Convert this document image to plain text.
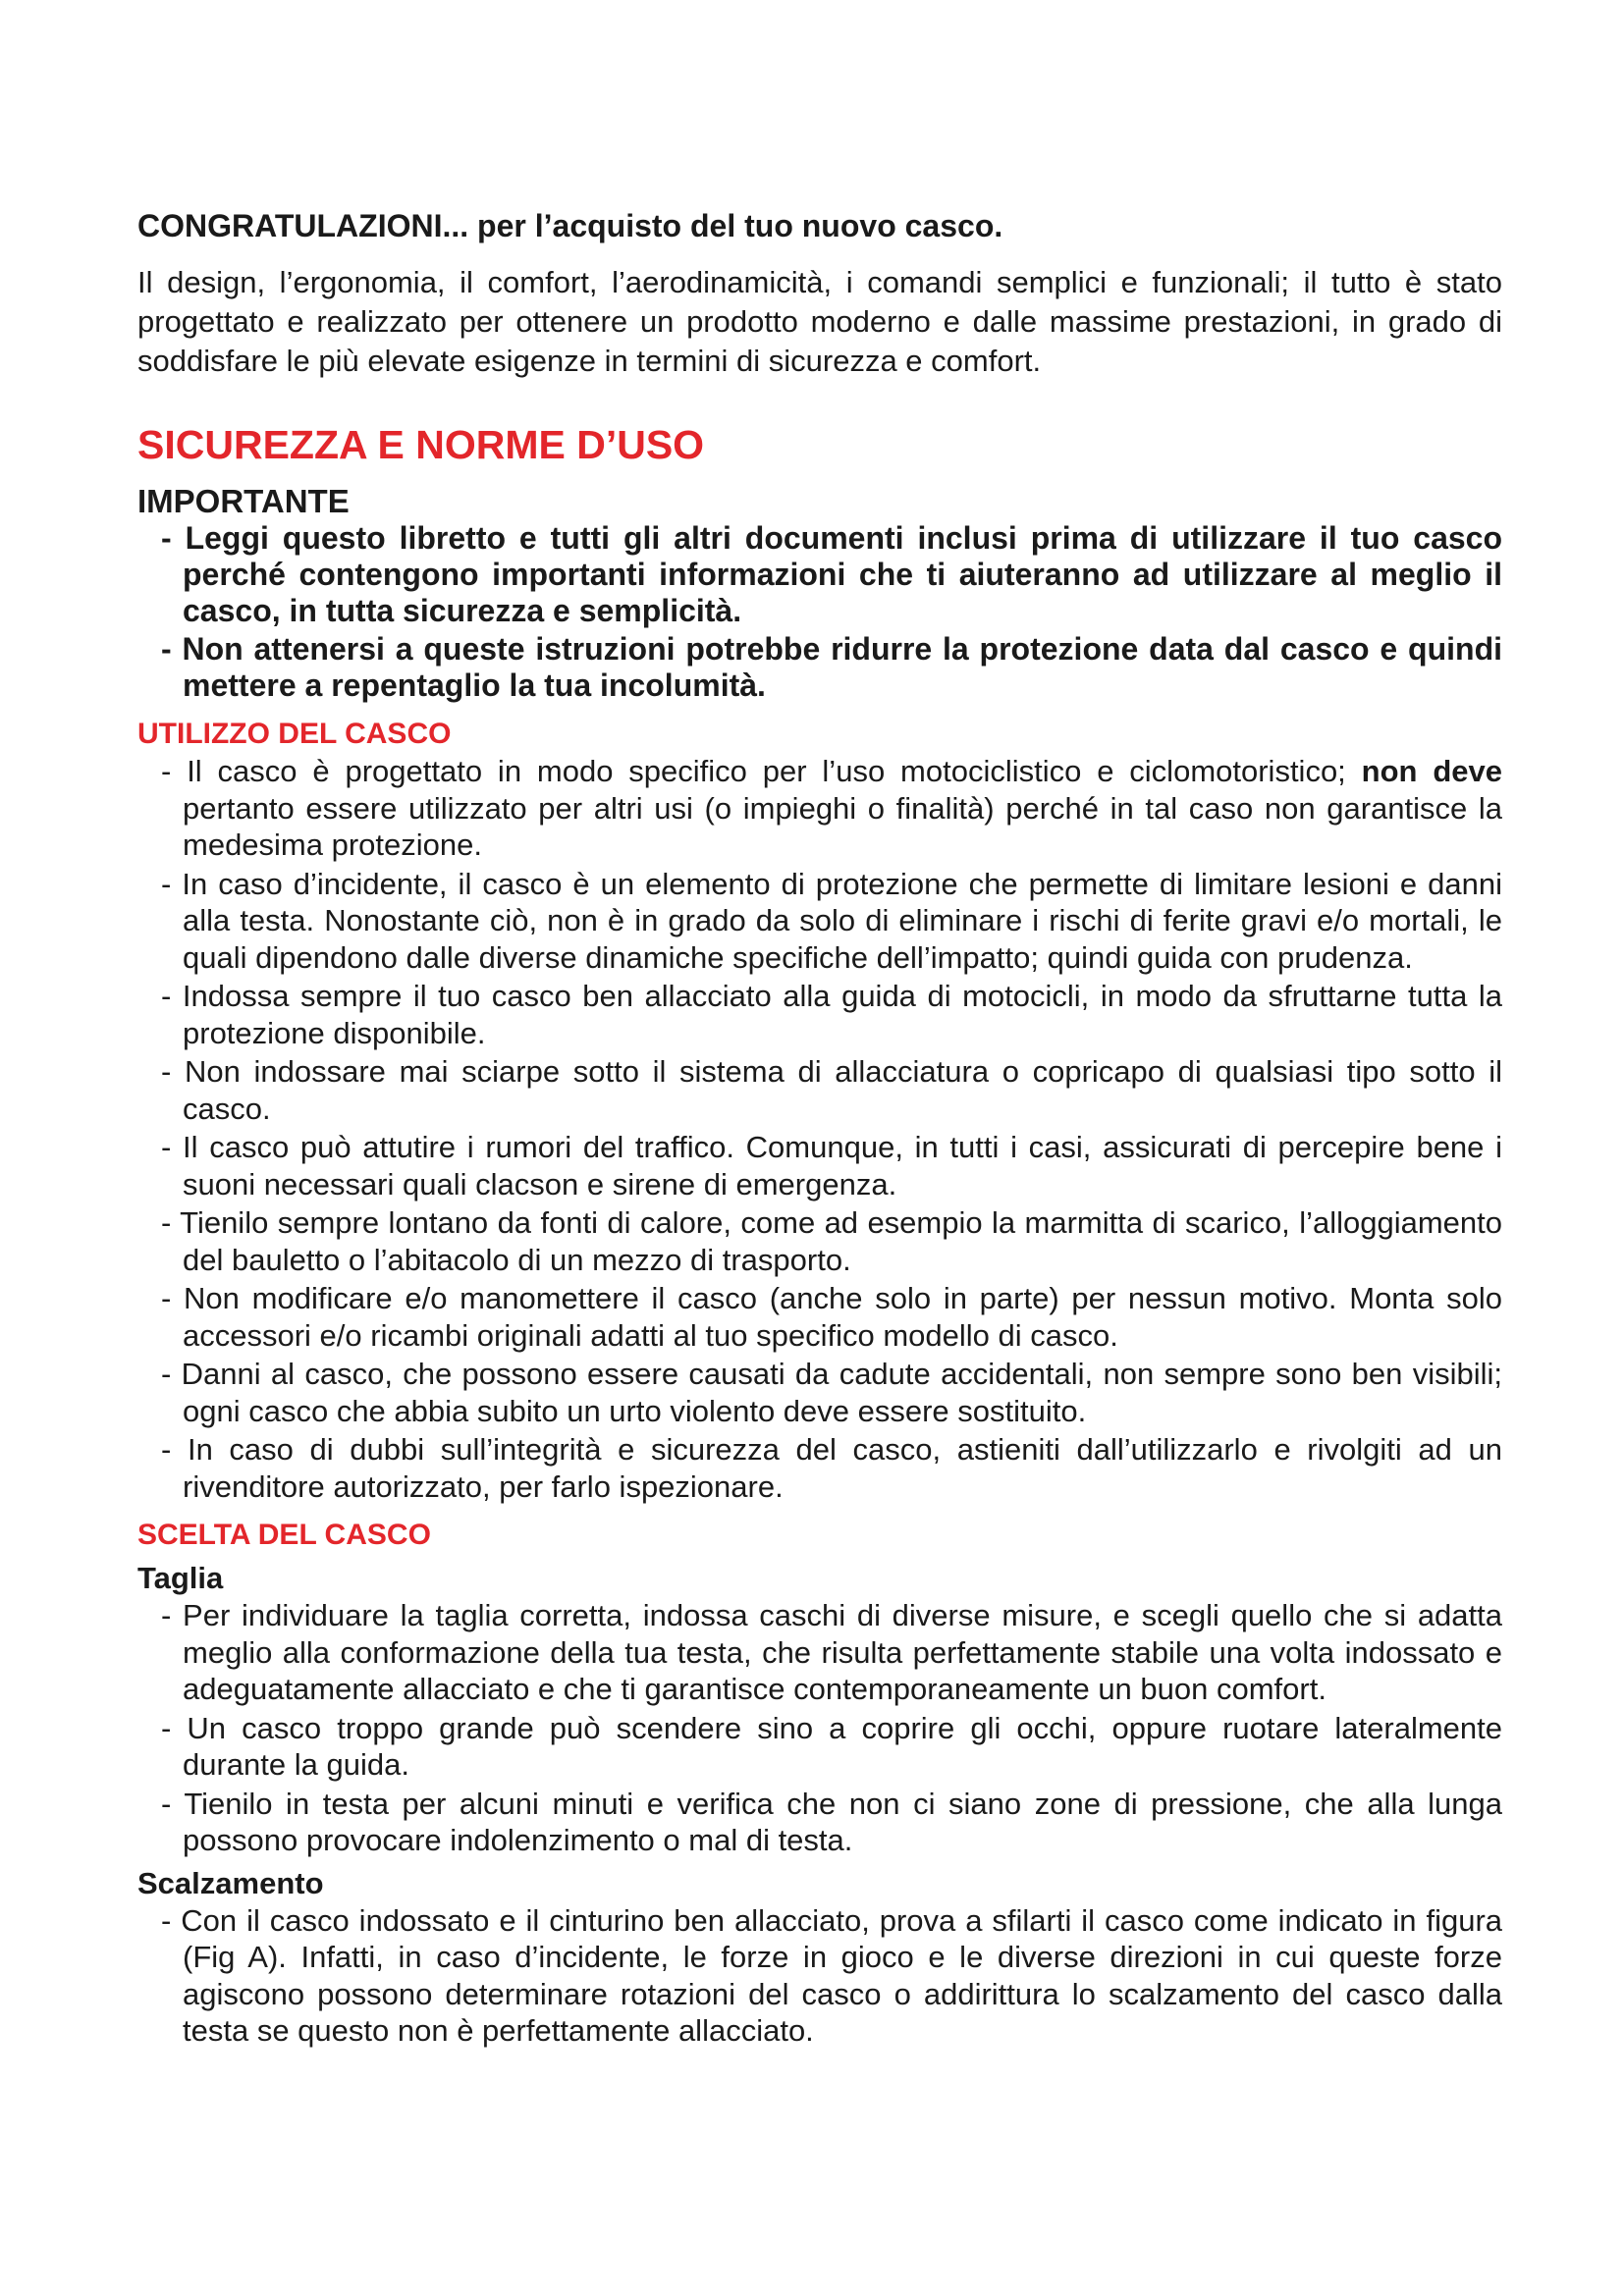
CONGRATULAZIONI... per l’acquisto del tuo nuovo casco.

Il design, l’ergonomia, il comfort, l’aerodinamicità, i comandi semplici e funzionali; il tutto è stato progettato e realizzato per ottenere un prodotto moderno e dalle massime prestazioni, in grado di soddisfare le più elevate esigenze in termini di sicurezza e comfort.

SICUREZZA E NORME D’USO
IMPORTANTE
- Leggi questo libretto e tutti gli altri documenti inclusi prima di utilizzare il tuo casco perché contengono importanti informazioni che ti aiuteranno ad utilizzare al meglio il casco, in tutta sicurezza e semplicità.
- Non attenersi a queste istruzioni potrebbe ridurre la protezione data dal casco e quindi mettere a repentaglio la tua incolumità.
UTILIZZO DEL CASCO
- Il casco è progettato in modo specifico per l’uso motociclistico e ciclomotoristico; non deve pertanto essere utilizzato per altri usi (o impieghi o finalità) perché in tal caso non garantisce la medesima protezione.
- In caso d’incidente, il casco è un elemento di protezione che permette di limitare lesioni e danni alla testa. Nonostante ciò, non è in grado da solo di eliminare i rischi di ferite gravi e/o mortali, le quali dipendono dalle diverse dinamiche specifiche dell’impatto; quindi guida con prudenza.
- Indossa sempre il tuo casco ben allacciato alla guida di motocicli, in modo da sfruttarne tutta la protezione disponibile.
- Non indossare mai sciarpe sotto il sistema di allacciatura o copricapo di qualsiasi tipo sotto il casco.
- Il casco può attutire i rumori del traffico. Comunque, in tutti i casi, assicurati di percepire bene i suoni necessari quali clacson e sirene di emergenza.
- Tienilo sempre lontano da fonti di calore, come ad esempio la marmitta di scarico, l’alloggiamento del bauletto o l’abitacolo di un mezzo di trasporto.
- Non modificare e/o manomettere il casco (anche solo in parte) per nessun motivo. Monta solo accessori e/o ricambi originali adatti al tuo specifico modello di casco.
- Danni al casco, che possono essere causati da cadute accidentali, non sempre sono ben visibili; ogni casco che abbia subito un urto violento deve essere sostituito.
- In caso di dubbi sull’integrità e sicurezza del casco, astieniti dall’utilizzarlo e rivolgiti ad un rivenditore autorizzato, per farlo ispezionare.
SCELTA DEL CASCO
Taglia
- Per individuare la taglia corretta, indossa caschi di diverse misure, e scegli quello che si adatta meglio alla conformazione della tua testa, che risulta perfettamente stabile una volta indossato e adeguatamente allacciato e che ti garantisce contemporaneamente un buon comfort.
- Un casco troppo grande può scendere sino a coprire gli occhi, oppure ruotare lateralmente durante la guida.
- Tienilo in testa per alcuni minuti e verifica che non ci siano zone di pressione, che alla lunga possono provocare indolenzimento o mal di testa.
Scalzamento
- Con il casco indossato e il cinturino ben allacciato, prova a sfilarti il casco come indicato in figura (Fig A). Infatti, in caso d’incidente, le forze in gioco e le diverse direzioni in cui queste forze agiscono possono determinare rotazioni del casco o addirittura lo scalzamento del casco dalla testa se questo non è perfettamente allacciato.
